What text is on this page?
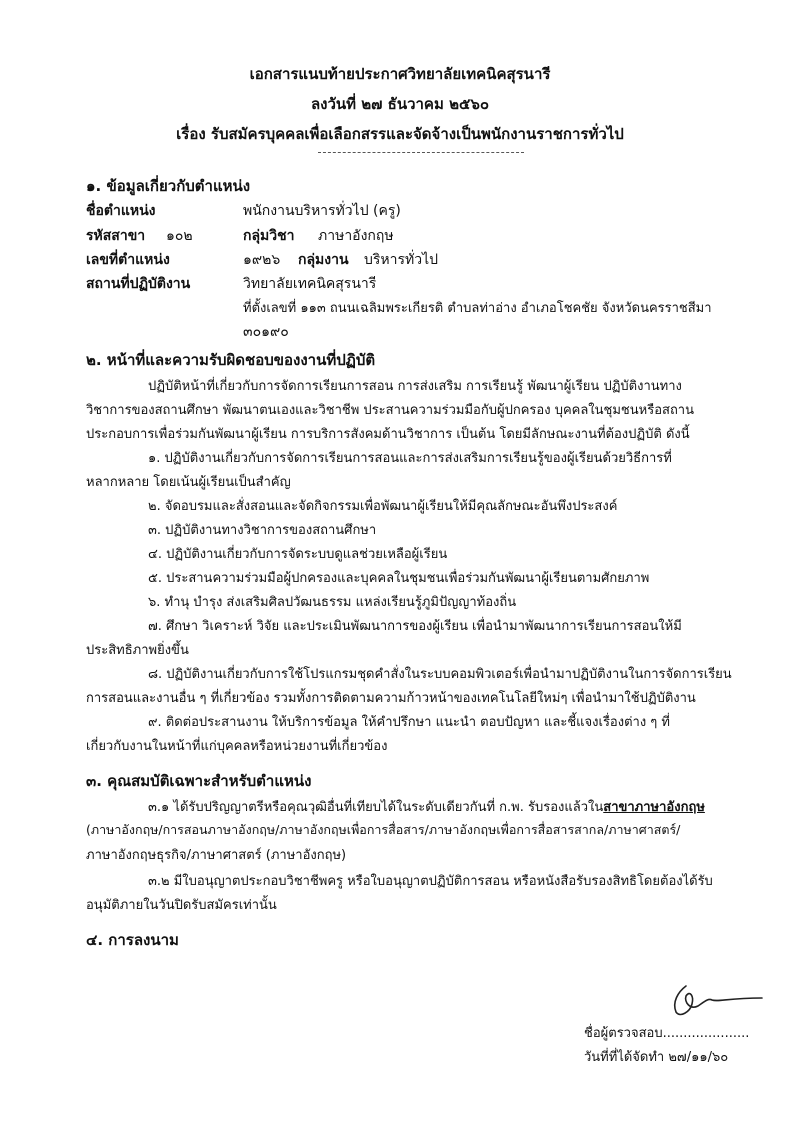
เอกสารแนบท้ายประกาศวิทยาลัยเทคนิคสุรนารี
ลงวันที่ ๒๗ ธันวาคม ๒๕๖๐
เรื่อง รับสมัครบุคคลเพื่อเลือกสรรและจัดจ้างเป็นพนักงานราชการทั่วไป
๑. ข้อมูลเกี่ยวกับตำแหน่ง
ชื่อตำแหน่ง	พนักงานบริหารทั่วไป (ครู)
รหัสสาขา ๑๐๒	กลุ่มวิชา ภาษาอังกฤษ
เลขที่ตำแหน่ง	๑๙๒๖ กลุ่มงาน บริหารทั่วไป
สถานที่ปฏิบัติงาน	วิทยาลัยเทคนิคสุรนารี
ที่ตั้งเลขที่ ๑๑๓ ถนนเฉลิมพระเกียรติ ตำบลท่าอ่าง อำเภอโชคชัย จังหวัดนครราชสีมา
๓๐๑๙๐
๒. หน้าที่และความรับผิดชอบของงานที่ปฏิบัติ
ปฏิบัติหน้าที่เกี่ยวกับการจัดการเรียนการสอน การส่งเสริม การเรียนรู้ พัฒนาผู้เรียน ปฏิบัติงานทาง
วิชาการของสถานศึกษา พัฒนาตนเองและวิชาชีพ ประสานความร่วมมือกับผู้ปกครอง บุคคลในชุมชนหรือสถาน
ประกอบการเพื่อร่วมกันพัฒนาผู้เรียน การบริการสังคมด้านวิชาการ เป็นต้น โดยมีลักษณะงานที่ต้องปฏิบัติ ดังนี้
๑. ปฏิบัติงานเกี่ยวกับการจัดการเรียนการสอนและการส่งเสริมการเรียนรู้ของผู้เรียนด้วยวิธีการที่
หลากหลาย โดยเน้นผู้เรียนเป็นสำคัญ
๒. จัดอบรมและสั่งสอนและจัดกิจกรรมเพื่อพัฒนาผู้เรียนให้มีคุณลักษณะอันพึงประสงค์
๓. ปฏิบัติงานทางวิชาการของสถานศึกษา
๔. ปฏิบัติงานเกี่ยวกับการจัดระบบดูแลช่วยเหลือผู้เรียน
๕. ประสานความร่วมมือผู้ปกครองและบุคคลในชุมชนเพื่อร่วมกันพัฒนาผู้เรียนตามศักยภาพ
๖. ทำนุ บำรุง ส่งเสริมศิลปวัฒนธรรม แหล่งเรียนรู้ภูมิปัญญาท้องถิ่น
๗. ศึกษา วิเคราะห์ วิจัย และประเมินพัฒนาการของผู้เรียน เพื่อนำมาพัฒนาการเรียนการสอนให้มี
ประสิทธิภาพยิ่งขึ้น
๘. ปฏิบัติงานเกี่ยวกับการใช้โปรแกรมชุดคำสั่งในระบบคอมพิวเตอร์เพื่อนำมาปฏิบัติงานในการจัดการเรียน
การสอนและงานอื่น ๆ ที่เกี่ยวข้อง รวมทั้งการติดตามความก้าวหน้าของเทคโนโลยีใหม่ๆ เพื่อนำมาใช้ปฏิบัติงาน
๙. ติดต่อประสานงาน ให้บริการข้อมูล ให้คำปรึกษา แนะนำ ตอบปัญหา และชี้แจงเรื่องต่าง ๆ ที่
เกี่ยวกับงานในหน้าที่แก่บุคคลหรือหน่วยงานที่เกี่ยวข้อง
๓. คุณสมบัติเฉพาะสำหรับตำแหน่ง
๓.๑ ได้รับปริญญาตรีหรือคุณวุฒิอื่นที่เทียบได้ในระดับเดียวกันที่ ก.พ. รับรองแล้วในสาขาภาษาอังกฤษ
(ภาษาอังกฤษ/การสอนภาษาอังกฤษ/ภาษาอังกฤษเพื่อการสื่อสาร/ภาษาอังกฤษเพื่อการสื่อสารสากล/ภาษาศาสตร์/
ภาษาอังกฤษธุรกิจ/ภาษาศาสตร์ (ภาษาอังกฤษ)
๓.๒ มีใบอนุญาตประกอบวิชาชีพครู หรือใบอนุญาตปฏิบัติการสอน หรือหนังสือรับรองสิทธิโดยต้องได้รับ
อนุมัติภายในวันปิดรับสมัครเท่านั้น
๔. การลงนาม
ชื่อผู้ตรวจสอบ.....................
วันที่ที่ได้จัดทำ ๒๗/๑๑/๖๐
